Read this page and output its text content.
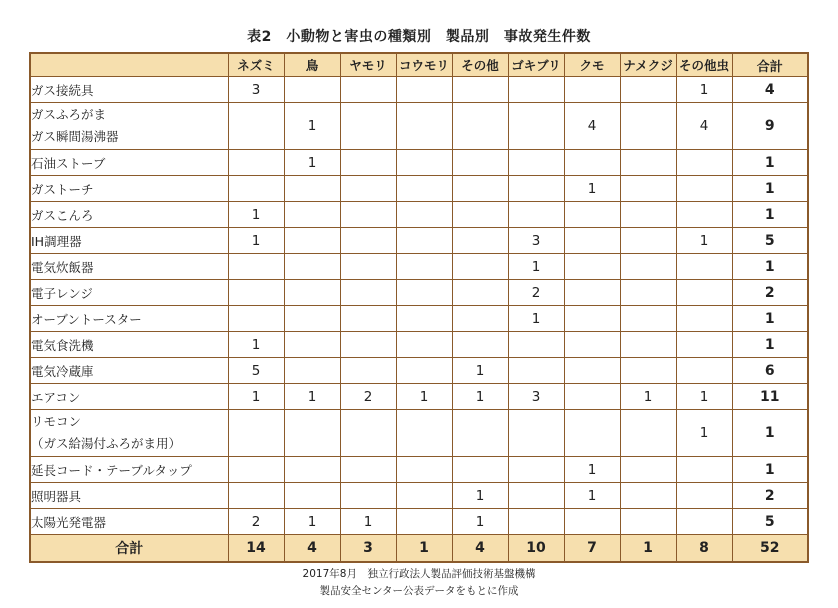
表2　小動物と害虫の種類別　製品別　事故発生件数
	ネズミ	鳥	ヤモリ	コウモリ	その他	ゴキブリ	クモ	ナメクジ	その他虫	合計

ガス接続具	3								1	4

ガスふろがま
ガス瞬間湯沸器		1					4		4	9

石油ストーブ		1								1

ガストーチ							1			1

ガスこんろ	1									1

IH調理器	1					3			1	5

電気炊飯器						1				1

電子レンジ						2				2

オーブントースター						1				1

電気食洗機	1									1

電気冷蔵庫	5				1					6

エアコン	1	1	2	1	1	3		1	1	11

リモコン
（ガス給湯付ふろがま用）									1	1

延長コード・テーブルタップ							1			1

照明器具					1		1			2

太陽光発電器	2	1	1		1					5
合計	14	4	3	1	4	10	7	1	8	52
2017年8月　独立行政法人製品評価技術基盤機構
製品安全センター公表データをもとに作成
